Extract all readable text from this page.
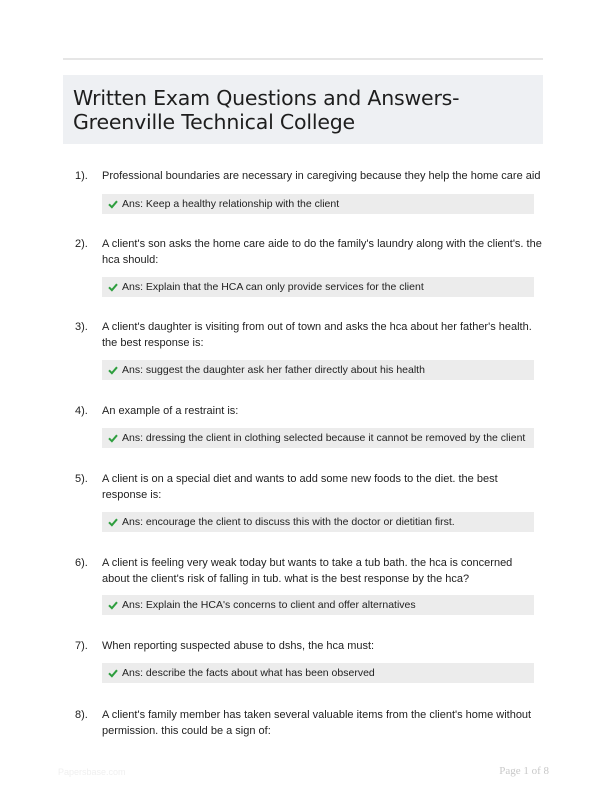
Written Exam Questions and Answers- Greenville Technical College
1). Professional boundaries are necessary in caregiving because they help the home care aid
Ans: Keep a healthy relationship with the client
2). A client's son asks the home care aide to do the family's laundry along with the client's. the hca should:
Ans: Explain that the HCA can only provide services for the client
3). A client's daughter is visiting from out of town and asks the hca about her father's health. the best response is:
Ans: suggest the daughter ask her father directly about his health
4). An example of a restraint is:
Ans: dressing the client in clothing selected because it cannot be removed by the client
5). A client is on a special diet and wants to add some new foods to the diet. the best response is:
Ans: encourage the client to discuss this with the doctor or dietitian first.
6). A client is feeling very weak today but wants to take a tub bath. the hca is concerned about the client's risk of falling in tub. what is the best response by the hca?
Ans: Explain the HCA's concerns to client and offer alternatives
7). When reporting suspected abuse to dshs, the hca must:
Ans: describe the facts about what has been observed
8). A client's family member has taken several valuable items from the client's home without permission. this could be a sign of:
Papersbase.com	Page 1 of 8
